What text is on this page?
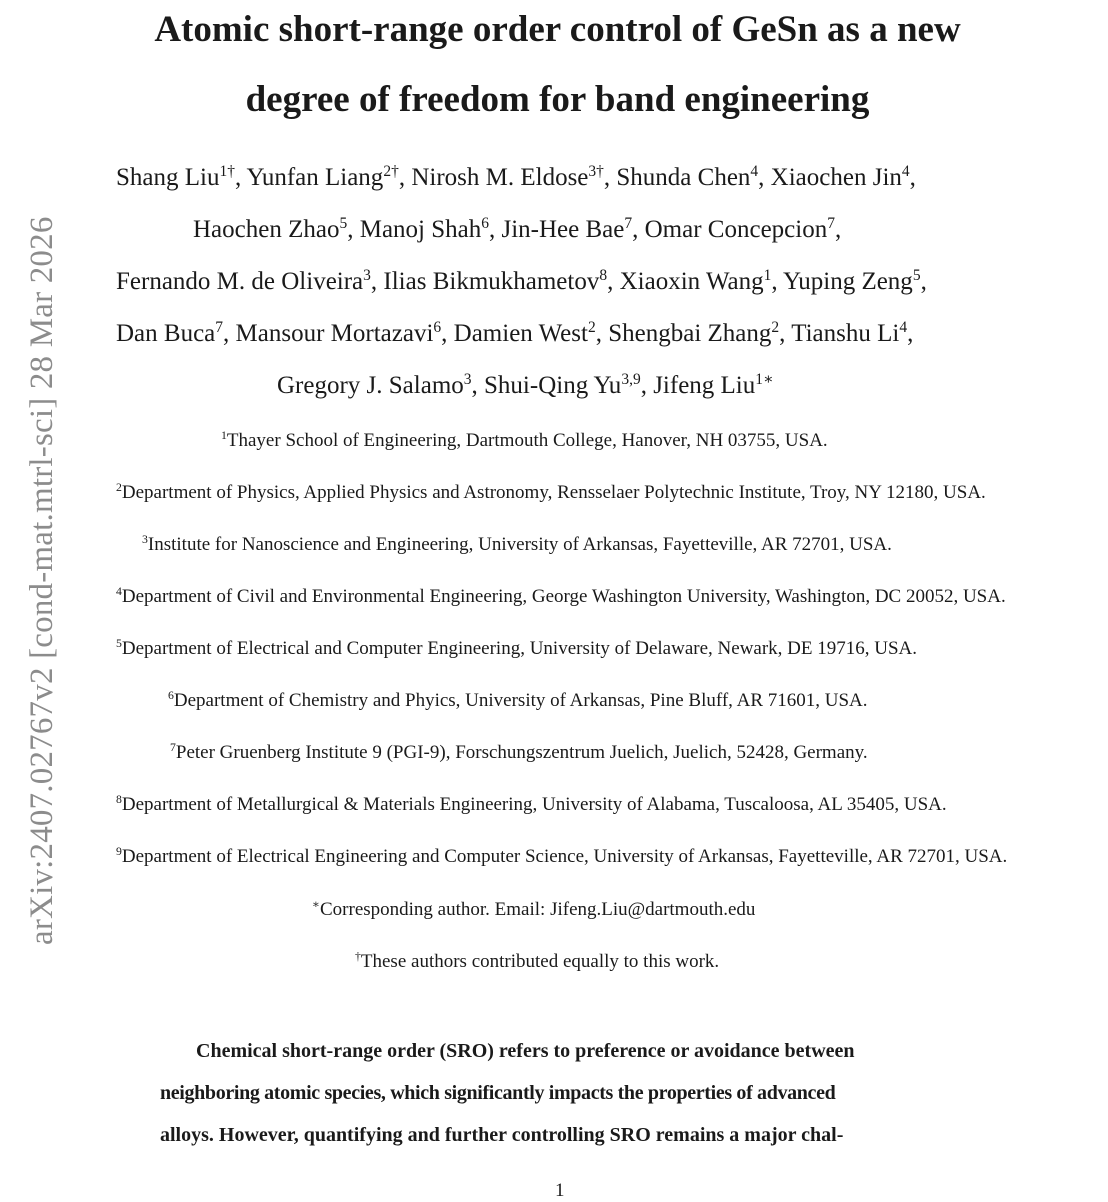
arXiv:2407.02767v2 [cond-mat.mtrl-sci] 28 Mar 2026
Atomic short-range order control of GeSn as a new
degree of freedom for band engineering
Shang Liu$^{1\dagger}$, Yunfan Liang$^{2\dagger}$, Nirosh M. Eldose$^{3\dagger}$, Shunda Chen$^4$, Xiaochen Jin$^4$,
Haochen Zhao$^5$, Manoj Shah$^6$, Jin-Hee Bae$^7$, Omar Concepcion$^7$,
Fernando M. de Oliveira$^3$, Ilias Bikmukhametov$^8$, Xiaoxin Wang$^1$, Yuping Zeng$^5$,
Dan Buca$^7$, Mansour Mortazavi$^6$, Damien West$^2$, Shengbai Zhang$^2$, Tianshu Li$^4$,
Gregory J. Salamo$^3$, Shui-Qing Yu$^{3,9}$, Jifeng Liu$^{1∗}$
$^1$Thayer School of Engineering, Dartmouth College, Hanover, NH 03755, USA.
$^2$Department of Physics, Applied Physics and Astronomy, Rensselaer Polytechnic Institute, Troy, NY 12180, USA.
$^3$Institute for Nanoscience and Engineering, University of Arkansas, Fayetteville, AR 72701, USA.
$^4$Department of Civil and Environmental Engineering, George Washington University, Washington, DC 20052, USA.
$^5$Department of Electrical and Computer Engineering, University of Delaware, Newark, DE 19716, USA.
$^6$Department of Chemistry and Phyics, University of Arkansas, Pine Bluff, AR 71601, USA.
$^7$Peter Gruenberg Institute 9 (PGI-9), Forschungszentrum Juelich, Juelich, 52428, Germany.
$^8$Department of Metallurgical & Materials Engineering, University of Alabama, Tuscaloosa, AL 35405, USA.
$^9$Department of Electrical Engineering and Computer Science, University of Arkansas, Fayetteville, AR 72701, USA.
∗Corresponding author. Email: Jifeng.Liu@dartmouth.edu
†These authors contributed equally to this work.
Chemical short-range order (SRO) refers to preference or avoidance between
neighboring atomic species, which significantly impacts the properties of advanced
alloys. However, quantifying and further controlling SRO remains a major chal-
1
